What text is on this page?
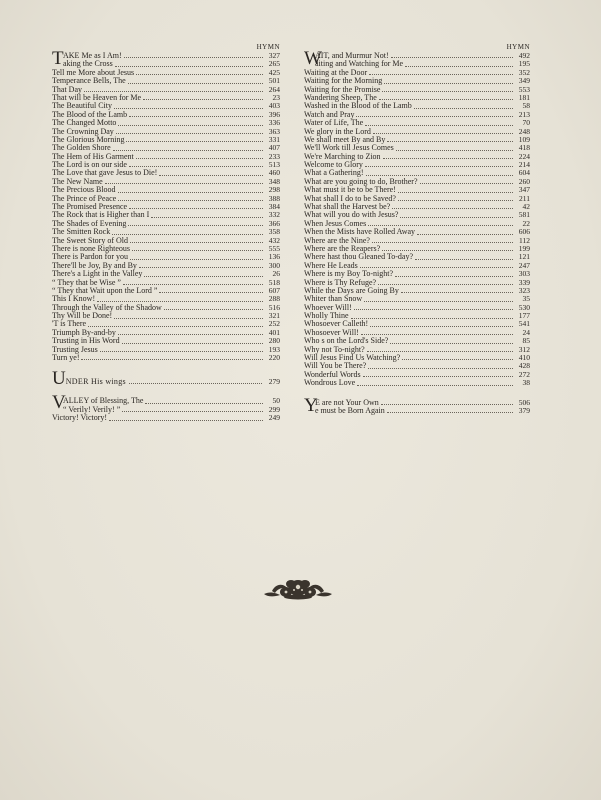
HYMN
T AKE Me as I Am!	327
aking the Cross	265
Tell me More about Jesus	425
Temperance Bells, The	501
That Day	264
That will be Heaven for Me	23
The Beautiful City	403
The Blood of the Lamb	396
The Changed Motto	336
The Crowning Day	363
The Glorious Morning	331
The Golden Shore	407
The Hem of His Garment	233
The Lord is on our side	513
The Love that gave Jesus to Die!	460
The New Name	348
The Precious Blood	298
The Prince of Peace	388
The Promised Presence	384
The Rock that is Higher than I	332
The Shades of Evening	366
The Smitten Rock	358
The Sweet Story of Old	432
There is none Righteous	555
There is Pardon for you	136
There'll be Joy, By and By	300
There's a Light in the Valley	26
“ They that be Wise ”	518
“ They that Wait upon the Lord ”	607
This I Know!	288
Through the Valley of the Shadow	516
Thy Will be Done!	321
'T is There	252
Triumph By-and-by	401
Trusting in His Word	280
Trusting Jesus	193
Turn ye!	220
U NDER His wings	279
V
ALLEY of Blessing, The	50
“ Verily! Verily! ”	299
Victory! Victory!	249
HYMN
W
AIT, and Murmur Not!	492
aiting and Watching for Me	195
Waiting at the Door	352
Waiting for the Morning	349
Waiting for the Promise	553
Wandering Sheep, The	181
Washed in the Blood of the Lamb	58
Watch and Pray	213
Water of Life, The	70
We glory in the Lord	248
We shall meet By and By	109
We'll Work till Jesus Comes	418
We're Marching to Zion	224
Welcome to Glory	214
What a Gathering!	604
What are you going to do, Brother?	260
What must it be to be There!	347
What shall I do to be Saved?	211
What shall the Harvest be?	42
What will you do with Jesus?	581
When Jesus Comes	22
When the Mists have Rolled Away	606
Where are the Nine?	112
Where are the Reapers?	199
Where hast thou Gleaned To-day?	121
Where He Leads	247
Where is my Boy To-night?	303
Where is Thy Refuge?	339
While the Days are Going By	323
Whiter than Snow	35
Whoever Will!	530
Wholly Thine	177
Whosoever Calleth!	541
Whosoever Will!	24
Who s on the Lord's Side?	85
Why not To-night?	312
Will Jesus Find Us Watching?	410
Will You be There?	428
Wonderful Words	272
Wondrous Love	38
Y
E are not Your Own	506
e must be Born Again	379
